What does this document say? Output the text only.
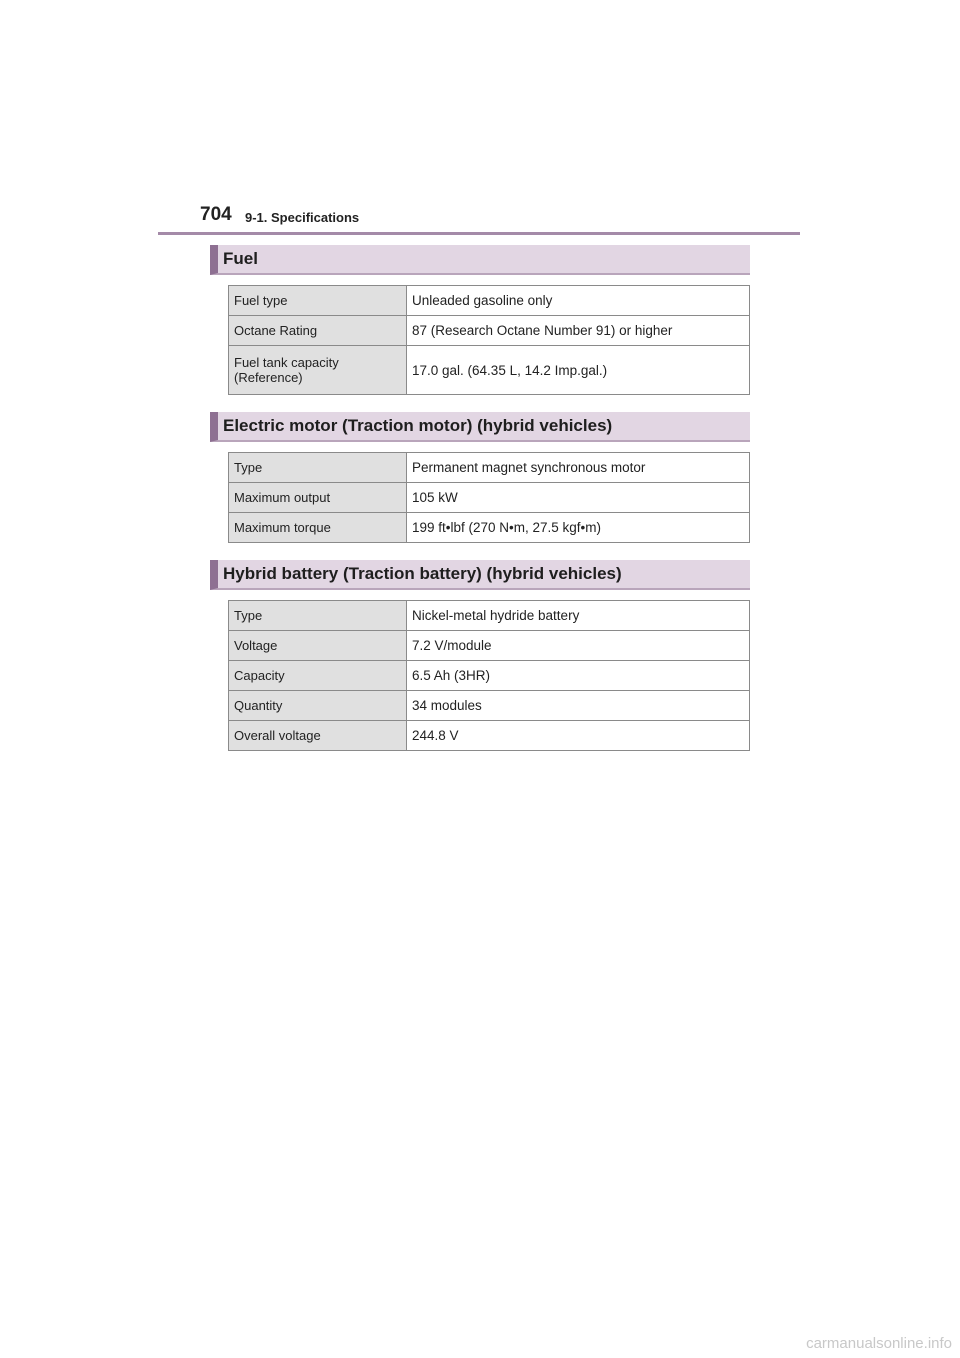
704 9-1. Specifications
Fuel
Fuel type	Unleaded gasoline only
Octane Rating	87 (Research Octane Number 91) or higher
Fuel tank capacity
(Reference)	17.0 gal. (64.35 L, 14.2 Imp.gal.)
Electric motor (Traction motor) (hybrid vehicles)
Type	Permanent magnet synchronous motor
Maximum output	105 kW
Maximum torque	199 ft•lbf (270 N•m, 27.5 kgf•m)
Hybrid battery (Traction battery) (hybrid vehicles)
Type	Nickel-metal hydride battery
Voltage	7.2 V/module
Capacity	6.5 Ah (3HR)
Quantity	34 modules
Overall voltage	244.8 V
carmanualsonline.info
